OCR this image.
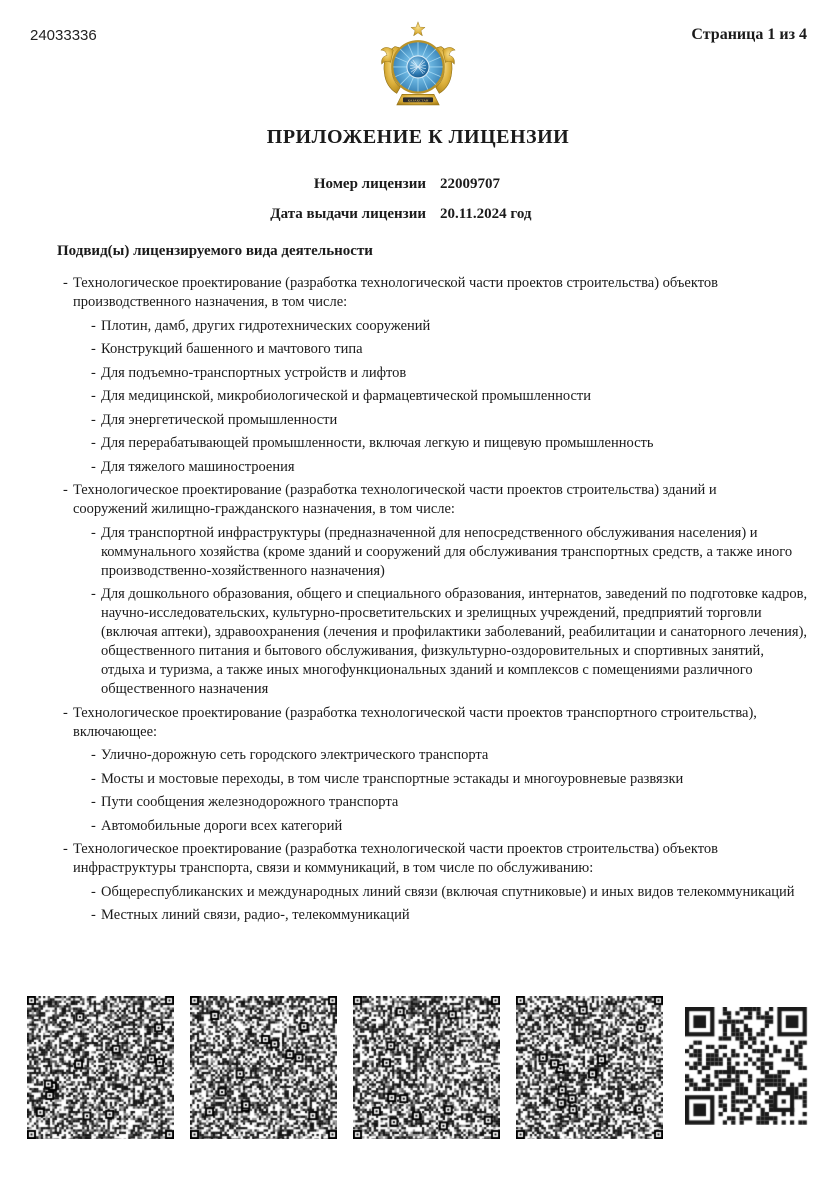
24033336
ҚАЗАҚСТАН
Страница 1 из 4
ПРИЛОЖЕНИЕ К ЛИЦЕНЗИИ
Номер лицензии 22009707
Дата выдачи лицензии 20.11.2024 год
Подвид(ы) лицензируемого вида деятельности
- Технологическое проектирование (разработка технологической части проектов строительства) объектов производственного назначения, в том числе:
- Плотин, дамб, других гидротехнических сооружений
- Конструкций башенного и мачтового типа
- Для подъемно-транспортных устройств и лифтов
- Для медицинской, микробиологической и фармацевтической промышленности
- Для энергетической промышленности
- Для перерабатывающей промышленности, включая легкую и пищевую промышленность
- Для тяжелого машиностроения
- Технологическое проектирование (разработка технологической части проектов строительства) зданий и сооружений жилищно-гражданского назначения, в том числе:
- Для транспортной инфраструктуры (предназначенной для непосредственного обслуживания населения) и коммунального хозяйства (кроме зданий и сооружений для обслуживания транспортных средств, а также иного производственно-хозяйственного назначения)
- Для дошкольного образования, общего и специального образования, интернатов, заведений по подготовке кадров, научно-исследовательских, культурно-просветительских и зрелищных учреждений, предприятий торговли (включая аптеки), здравоохранения (лечения и профилактики заболеваний, реабилитации и санаторного лечения), общественного питания и бытового обслуживания, физкультурно-оздоровительных и спортивных занятий, отдыха и туризма, а также иных многофункциональных зданий и комплексов с помещениями различного общественного назначения
- Технологическое проектирование (разработка технологической части проектов транспортного строительства), включающее:
- Улично-дорожную сеть городского электрического транспорта
- Мосты и мостовые переходы, в том числе транспортные эстакады и многоуровневые развязки
- Пути сообщения железнодорожного транспорта
- Автомобильные дороги всех категорий
- Технологическое проектирование (разработка технологической части проектов строительства) объектов инфраструктуры транспорта, связи и коммуникаций, в том числе по обслуживанию:
- Общереспубликанских и международных линий связи (включая спутниковые) и иных видов телекоммуникаций
- Местных линий связи, радио-, телекоммуникаций
